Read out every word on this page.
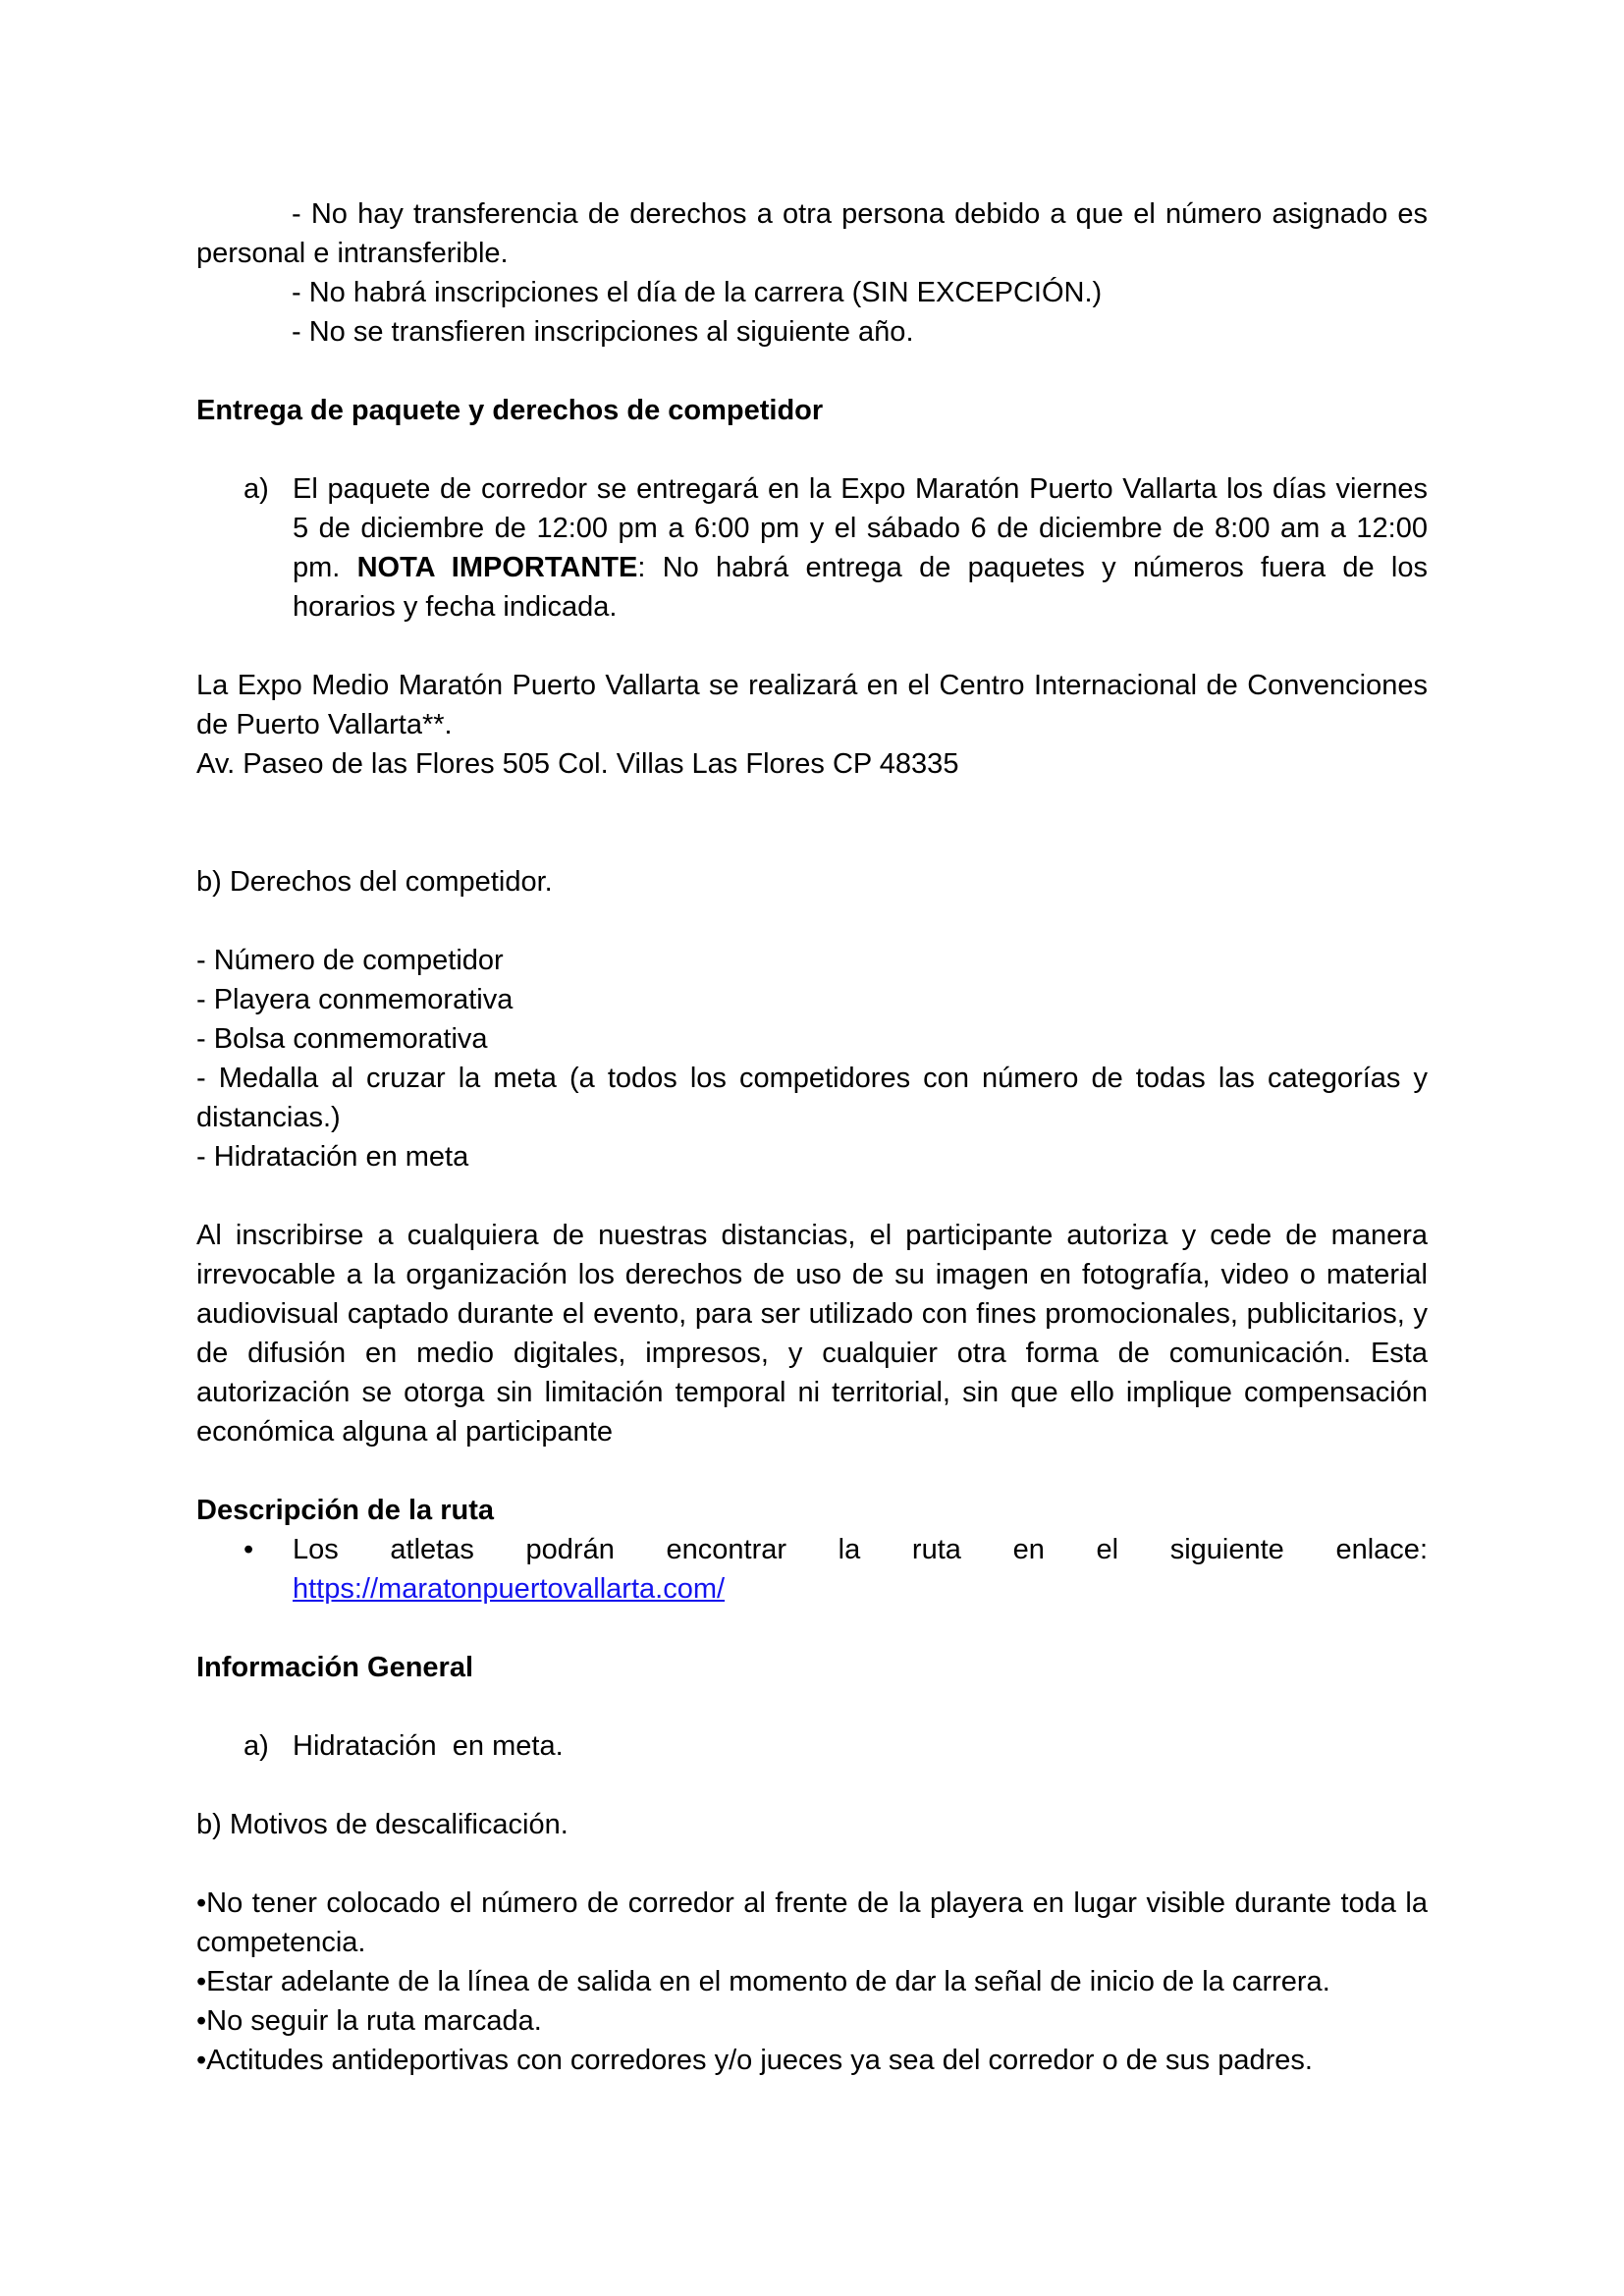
- No hay transferencia de derechos a otra persona debido a que el número asignado es personal e intransferible.

- No habrá inscripciones el día de la carrera (SIN EXCEPCIÓN.)

- No se transfieren inscripciones al siguiente año.

Entrega de paquete y derechos de competidor

a) El paquete de corredor se entregará en la Expo Maratón Puerto Vallarta los días viernes 5 de diciembre de 12:00 pm a 6:00 pm y el sábado 6 de diciembre de 8:00 am a 12:00 pm. NOTA IMPORTANTE: No habrá entrega de paquetes y números fuera de los horarios y fecha indicada.

La Expo Medio Maratón Puerto Vallarta se realizará en el Centro Internacional de Convenciones de Puerto Vallarta**.

Av. Paseo de las Flores 505 Col. Villas Las Flores CP 48335

b) Derechos del competidor.

- Número de competidor

- Playera conmemorativa

- Bolsa conmemorativa

- Medalla al cruzar la meta (a todos los competidores con número de todas las categorías y distancias.)

- Hidratación en meta

Al inscribirse a cualquiera de nuestras distancias, el participante autoriza y cede de manera irrevocable a la organización los derechos de uso de su imagen en fotografía, video o material audiovisual captado durante el evento, para ser utilizado con fines promocionales, publicitarios, y de difusión en medio digitales, impresos, y cualquier otra forma de comunicación. Esta autorización se otorga sin limitación temporal ni territorial, sin que ello implique compensación económica alguna al participante

Descripción de la ruta

• Los atletas podrán encontrar la ruta en el siguiente enlace: https://maratonpuertovallarta.com/

Información General

a) Hidratación  en meta.

b) Motivos de descalificación.

•No tener colocado el número de corredor al frente de la playera en lugar visible durante toda la competencia.

•Estar adelante de la línea de salida en el momento de dar la señal de inicio de la carrera.

•No seguir la ruta marcada.

•Actitudes antideportivas con corredores y/o jueces ya sea del corredor o de sus padres.
